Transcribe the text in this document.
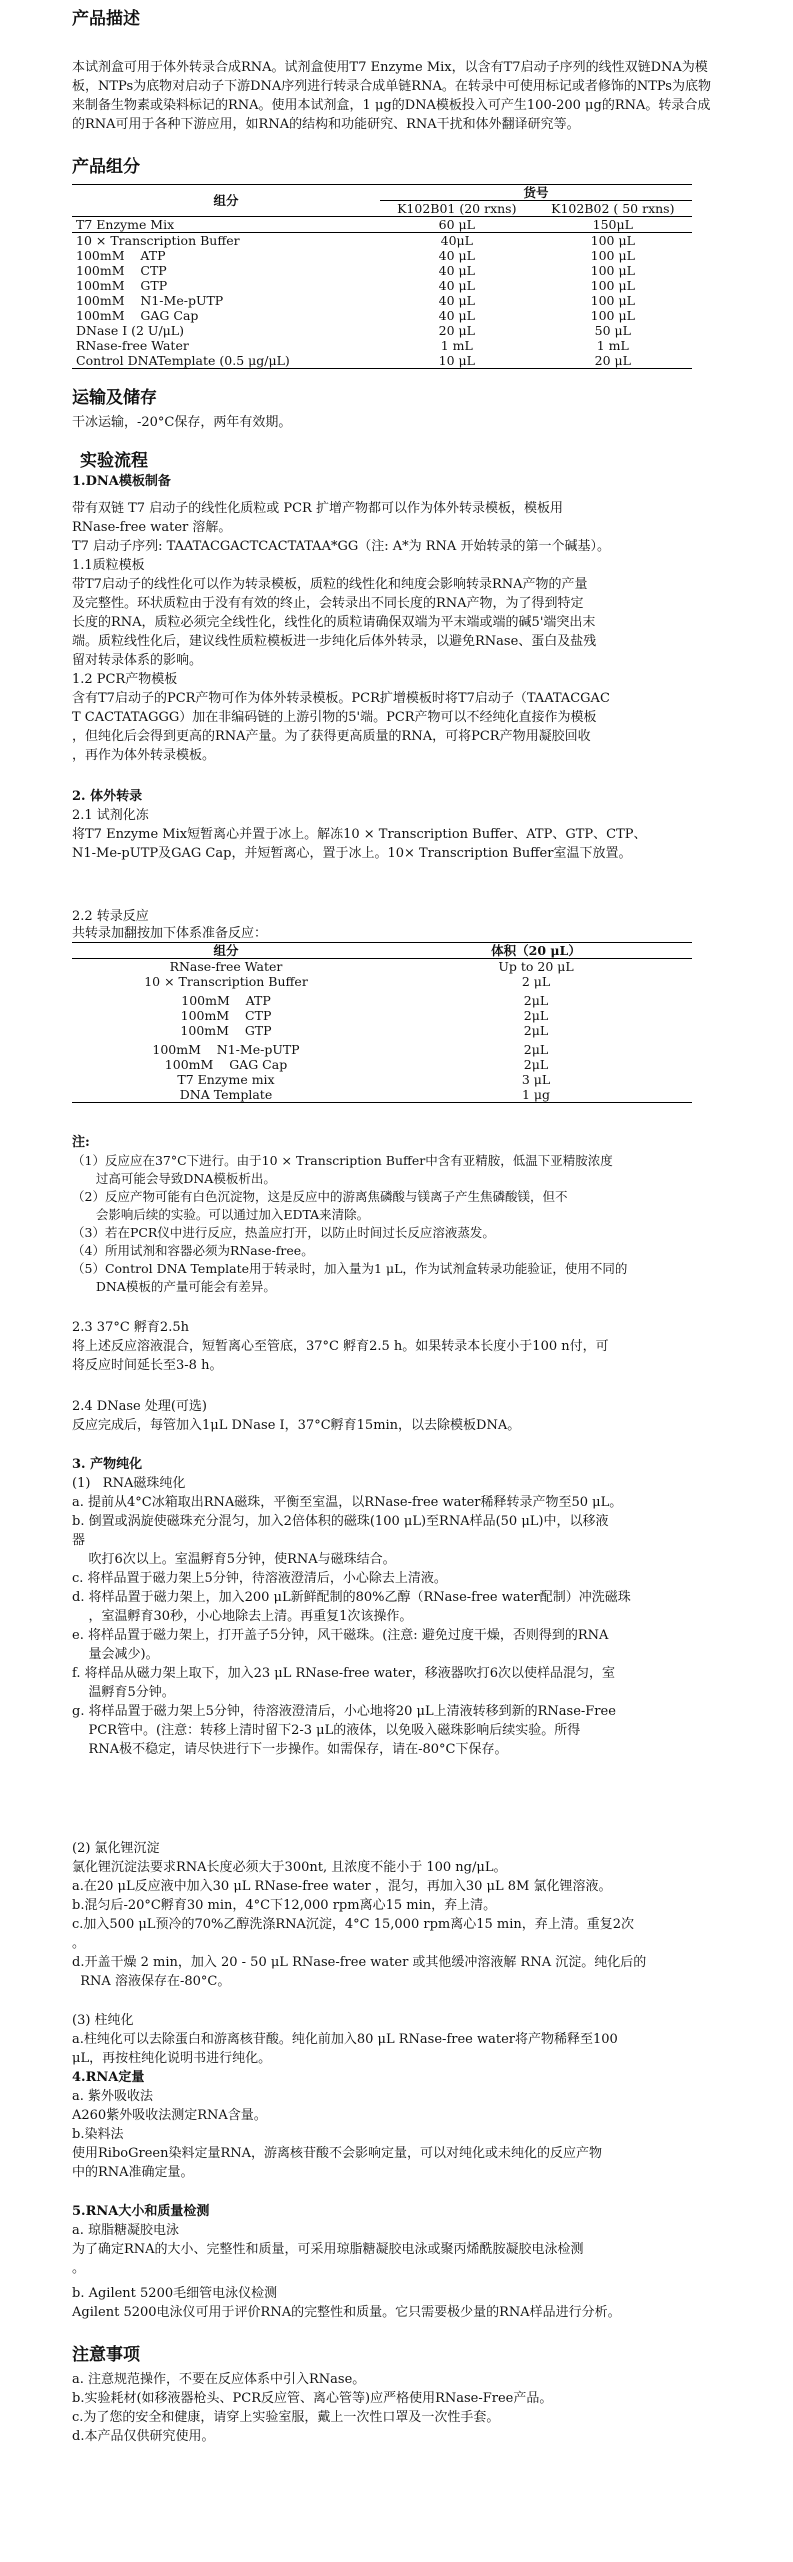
产品描述

本试剂盒可用于体外转录合成RNA。试剂盒使用T7 Enzyme Mix，以含有T7启动子序列的线性双链DNA为模板，NTPs为底物对启动子下游DNA序列进行转录合成单链RNA。在转录中可使用标记或者修饰的NTPs为底物来制备生物素或染料标记的RNA。使用本试剂盒，1 μg的DNA模板投入可产生100-200 μg的RNA。转录合成的RNA可用于各种下游应用，如RNA的结构和功能研究、RNA干扰和体外翻译研究等。

产品组分
组分	货号	
	K102B01 (20 rxns)	K102B02 ( 50 rxns)
T7 Enzyme Mix	60 μL	150μL
10 × Transcription Buffer	40μL	100 μL
100mM    ATP	40 μL	100 μL
100mM    CTP	40 μL	100 μL
100mM    GTP	40 μL	100 μL
100mM    N1-Me-pUTP	40 μL	100 μL
100mM    GAG Cap	40 μL	100 μL
DNase I (2 U/μL)	20 μL	50 μL
RNase-free Water	1 mL	1 mL
Control DNATemplate (0.5 μg/μL)	10 μL	20 μL
运输及储存

干冰运输，-20°C保存，两年有效期。

实验流程
1.DNA模板制备

带有双链 T7 启动子的线性化质粒或 PCR 扩增产物都可以作为体外转录模板，模板用

RNase-free water 溶解。

T7 启动子序列: TAATACGACTCACTATAA*GG（注: A*为 RNA 开始转录的第一个碱基）。

1.1质粒模板

带T7启动子的线性化可以作为转录模板，质粒的线性化和纯度会影响转录RNA产物的产量

及完整性。环状质粒由于没有有效的终止，会转录出不同长度的RNA产物，为了得到特定

长度的RNA，质粒必须完全线性化，线性化的质粒请确保双端为平末端或端的碱5'端突出末

端。质粒线性化后，建议线性质粒模板进一步纯化后体外转录，以避免RNase、蛋白及盐残

留对转录体系的影响。

1.2 PCR产物模板

含有T7启动子的PCR产物可作为体外转录模板。PCR扩增模板时将T7启动子（TAATACGAC

T CACTATAGGG）加在非编码链的上游引物的5'端。PCR产物可以不经纯化直接作为模板

，但纯化后会得到更高的RNA产量。为了获得更高质量的RNA，可将PCR产物用凝胶回收

，再作为体外转录模板。

2. 体外转录

2.1 试剂化冻

将T7 Enzyme Mix短暂离心并置于冰上。解冻10 × Transcription Buffer、ATP、GTP、CTP、

N1-Me-pUTP及GAG Cap，并短暂离心，置于冰上。10× Transcription Buffer室温下放置。

2.2 转录反应

共转录加翻按加下体系准备反应：

组分	体积（20 μL）
RNase-free Water	Up to 20 μL
10 × Transcription Buffer	2 μL
100mM    ATP	2μL
100mM    CTP	2μL
100mM    GTP	2μL
100mM    N1-Me-pUTP	2μL
100mM    GAG Cap	2μL
T7 Enzyme mix	3 μL
DNA Template	1 μg

注:

（1）反应应在37°C下进行。由于10 × Transcription Buffer中含有亚精胺，低温下亚精胺浓度

过高可能会导致DNA模板析出。

（2）反应产物可能有白色沉淀物，这是反应中的游离焦磷酸与镁离子产生焦磷酸镁，但不

会影响后续的实验。可以通过加入EDTA来清除。

（3）若在PCR仪中进行反应，热盖应打开，以防止时间过长反应溶液蒸发。

（4）所用试剂和容器必须为RNase-free。

（5）Control DNA Template用于转录时，加入量为1 μL，作为试剂盒转录功能验证，使用不同的

DNA模板的产量可能会有差异。

2.3 37°C 孵育2.5h

将上述反应溶液混合，短暂离心至管底，37°C 孵育2.5 h。如果转录本长度小于100 n付，可

将反应时间延长至3-8 h。

2.4 DNase 处理(可选)

反应完成后，每管加入1μL DNase I，37°C孵育15min，以去除模板DNA。

3. 产物纯化

(1)   RNA磁珠纯化

a. 提前从4°C冰箱取出RNA磁珠，平衡至室温，以RNase-free water稀释转录产物至50 μL。

b. 倒置或涡旋使磁珠充分混匀，加入2倍体积的磁珠(100 μL)至RNA样品(50 μL)中，以移液

器

吹打6次以上。室温孵育5分钟，使RNA与磁珠结合。

c. 将样品置于磁力架上5分钟，待溶液澄清后，小心除去上清液。

d. 将样品置于磁力架上，加入200 μL新鲜配制的80%乙醇（RNase-free water配制）冲洗磁珠

，室温孵育30秒，小心地除去上清。再重复1次该操作。

e. 将样品置于磁力架上，打开盖子5分钟，风干磁珠。(注意: 避免过度干燥，否则得到的RNA

量会减少)。

f. 将样品从磁力架上取下，加入23 μL RNase-free water，移液器吹打6次以使样品混匀，室

温孵育5分钟。

g. 将样品置于磁力架上5分钟，待溶液澄清后，小心地将20 μL上清液转移到新的RNase-Free

PCR管中。(注意：转移上清时留下2-3 μL的液体，以免吸入磁珠影响后续实验。所得

RNA极不稳定，请尽快进行下一步操作。如需保存，请在-80°C下保存。

(2) 氯化锂沉淀

氯化锂沉淀法要求RNA长度必须大于300nt, 且浓度不能小于 100 ng/μL。

a.在20 μL反应液中加入30 μL RNase-free water ，混匀，再加入30 μL 8M 氯化锂溶液。

b.混匀后-20°C孵育30 min，4°C下12,000 rpm离心15 min，弃上清。

c.加入500 μL预冷的70%乙醇洗涤RNA沉淀，4°C 15,000 rpm离心15 min，弃上清。重复2次

。

d.开盖干燥 2 min，加入 20 - 50 μL RNase-free water 或其他缓冲溶液解 RNA 沉淀。纯化后的

RNA 溶液保存在-80°C。

(3) 柱纯化

a.柱纯化可以去除蛋白和游离核苷酸。纯化前加入80 μL RNase-free water将产物稀释至100

μL，再按柱纯化说明书进行纯化。

4.RNA定量

a. 紫外吸收法

A260紫外吸收法测定RNA含量。

b.染料法

使用RiboGreen染料定量RNA，游离核苷酸不会影响定量，可以对纯化或未纯化的反应产物

中的RNA准确定量。

5.RNA大小和质量检测

a. 琼脂糖凝胶电泳

为了确定RNA的大小、完整性和质量，可采用琼脂糖凝胶电泳或聚丙烯酰胺凝胶电泳检测

。

b. Agilent 5200毛细管电泳仪检测

Agilent 5200电泳仪可用于评价RNA的完整性和质量。它只需要极少量的RNA样品进行分析。

注意事项

a. 注意规范操作，不要在反应体系中引入RNase。

b.实验耗材(如移液器枪头、PCR反应管、离心管等)应严格使用RNase-Free产品。

c.为了您的安全和健康，请穿上实验室服，戴上一次性口罩及一次性手套。

d.本产品仅供研究使用。
